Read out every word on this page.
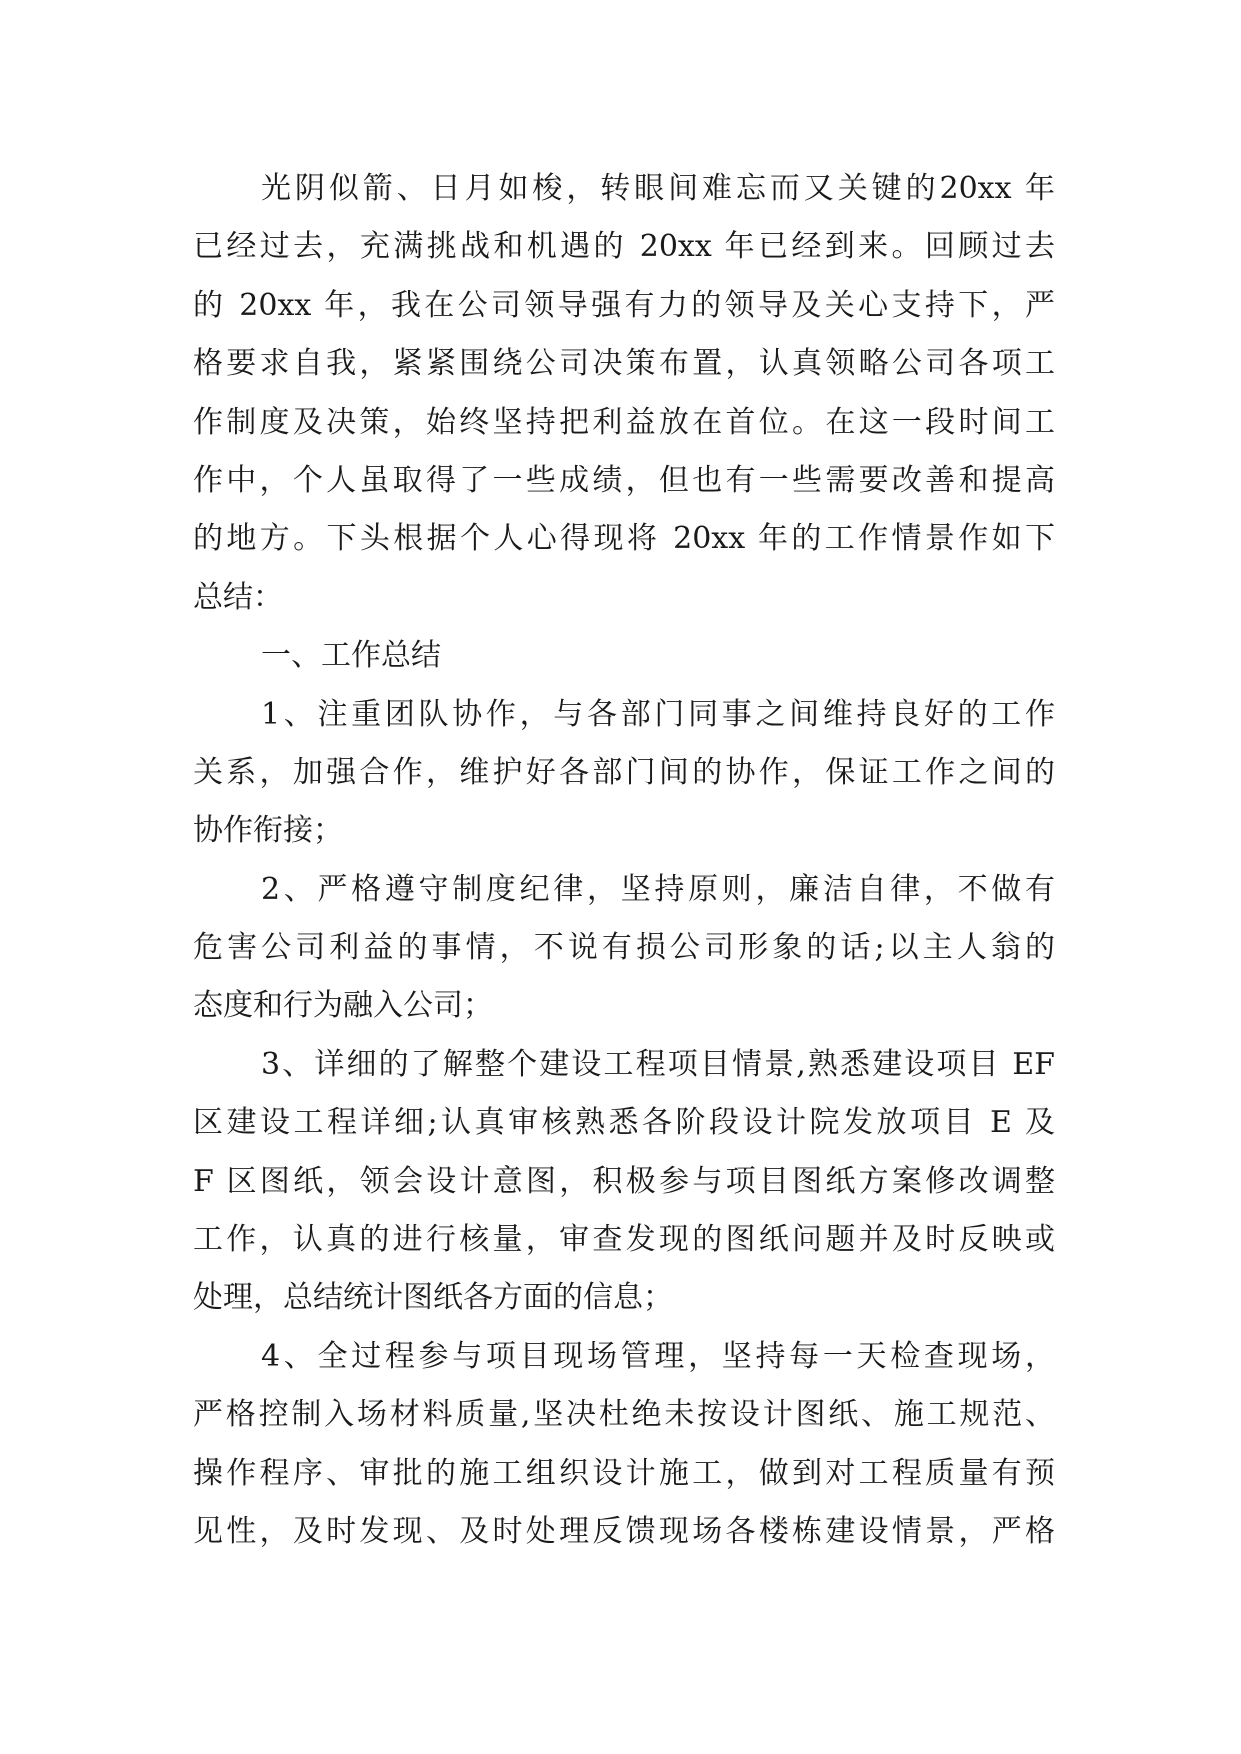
光阴似箭、日月如梭，转眼间难忘而又关键的20xx 年
已经过去，充满挑战和机遇的 20xx 年已经到来。回顾过去
的 20xx 年，我在公司领导强有力的领导及关心支持下，严
格要求自我，紧紧围绕公司决策布置，认真领略公司各项工
作制度及决策，始终坚持把利益放在首位。在这一段时间工
作中，个人虽取得了一些成绩，但也有一些需要改善和提高
的地方。下头根据个人心得现将 20xx 年的工作情景作如下
总结：
一、工作总结
1、注重团队协作，与各部门同事之间维持良好的工作
关系，加强合作，维护好各部门间的协作，保证工作之间的
协作衔接；
2、严格遵守制度纪律，坚持原则，廉洁自律，不做有
危害公司利益的事情，不说有损公司形象的话;以主人翁的
态度和行为融入公司；
3、详细的了解整个建设工程项目情景,熟悉建设项目 EF
区建设工程详细;认真审核熟悉各阶段设计院发放项目 E 及
F 区图纸，领会设计意图，积极参与项目图纸方案修改调整
工作，认真的进行核量，审查发现的图纸问题并及时反映或
处理，总结统计图纸各方面的信息；
4、全过程参与项目现场管理，坚持每一天检查现场，
严格控制入场材料质量,坚决杜绝未按设计图纸、施工规范、
操作程序、审批的施工组织设计施工，做到对工程质量有预
见性，及时发现、及时处理反馈现场各楼栋建设情景，严格
